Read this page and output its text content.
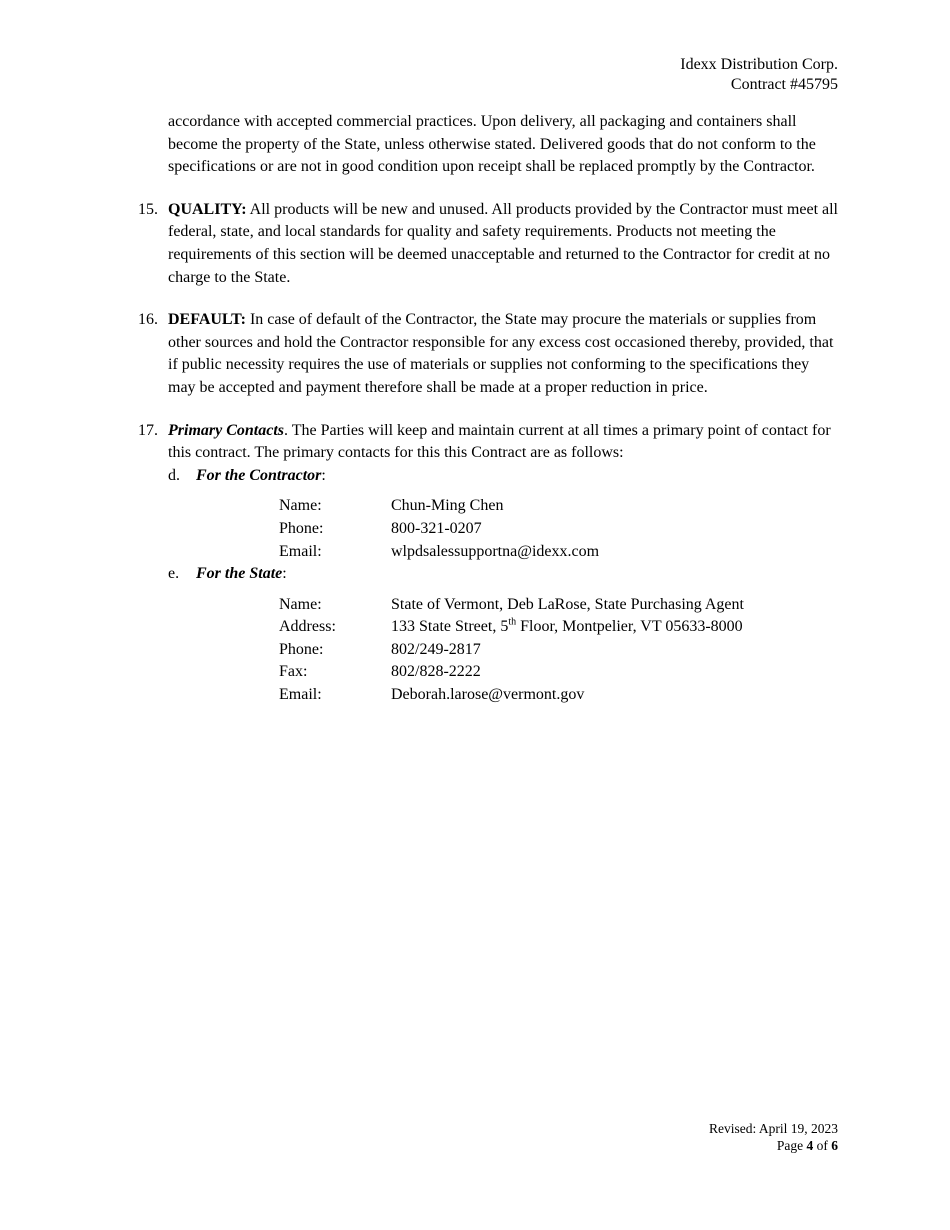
Idexx Distribution Corp.
Contract #45795

accordance with accepted commercial practices. Upon delivery, all packaging and containers shall become the property of the State, unless otherwise stated. Delivered goods that do not conform to the specifications or are not in good condition upon receipt shall be replaced promptly by the Contractor.

15. QUALITY: All products will be new and unused. All products provided by the Contractor must meet all federal, state, and local standards for quality and safety requirements. Products not meeting the requirements of this section will be deemed unacceptable and returned to the Contractor for credit at no charge to the State.
16. DEFAULT: In case of default of the Contractor, the State may procure the materials or supplies from other sources and hold the Contractor responsible for any excess cost occasioned thereby, provided, that if public necessity requires the use of materials or supplies not conforming to the specifications they may be accepted and payment therefore shall be made at a proper reduction in price.
17. Primary Contacts. The Parties will keep and maintain current at all times a primary point of contact for this contract. The primary contacts for this this Contract are as follows:
d. For the Contractor:
Name:	Chun-Ming Chen
Phone:	800-321-0207
Email:	wlpdsalessupportna@idexx.com
e. For the State:
Name:	State of Vermont, Deb LaRose, State Purchasing Agent
Address:	133 State Street, 5th Floor, Montpelier, VT 05633-8000
Phone:	802/249-2817
Fax:	802/828-2222
Email:	Deborah.larose@vermont.gov
Revised: April 19, 2023
Page 4 of 6
